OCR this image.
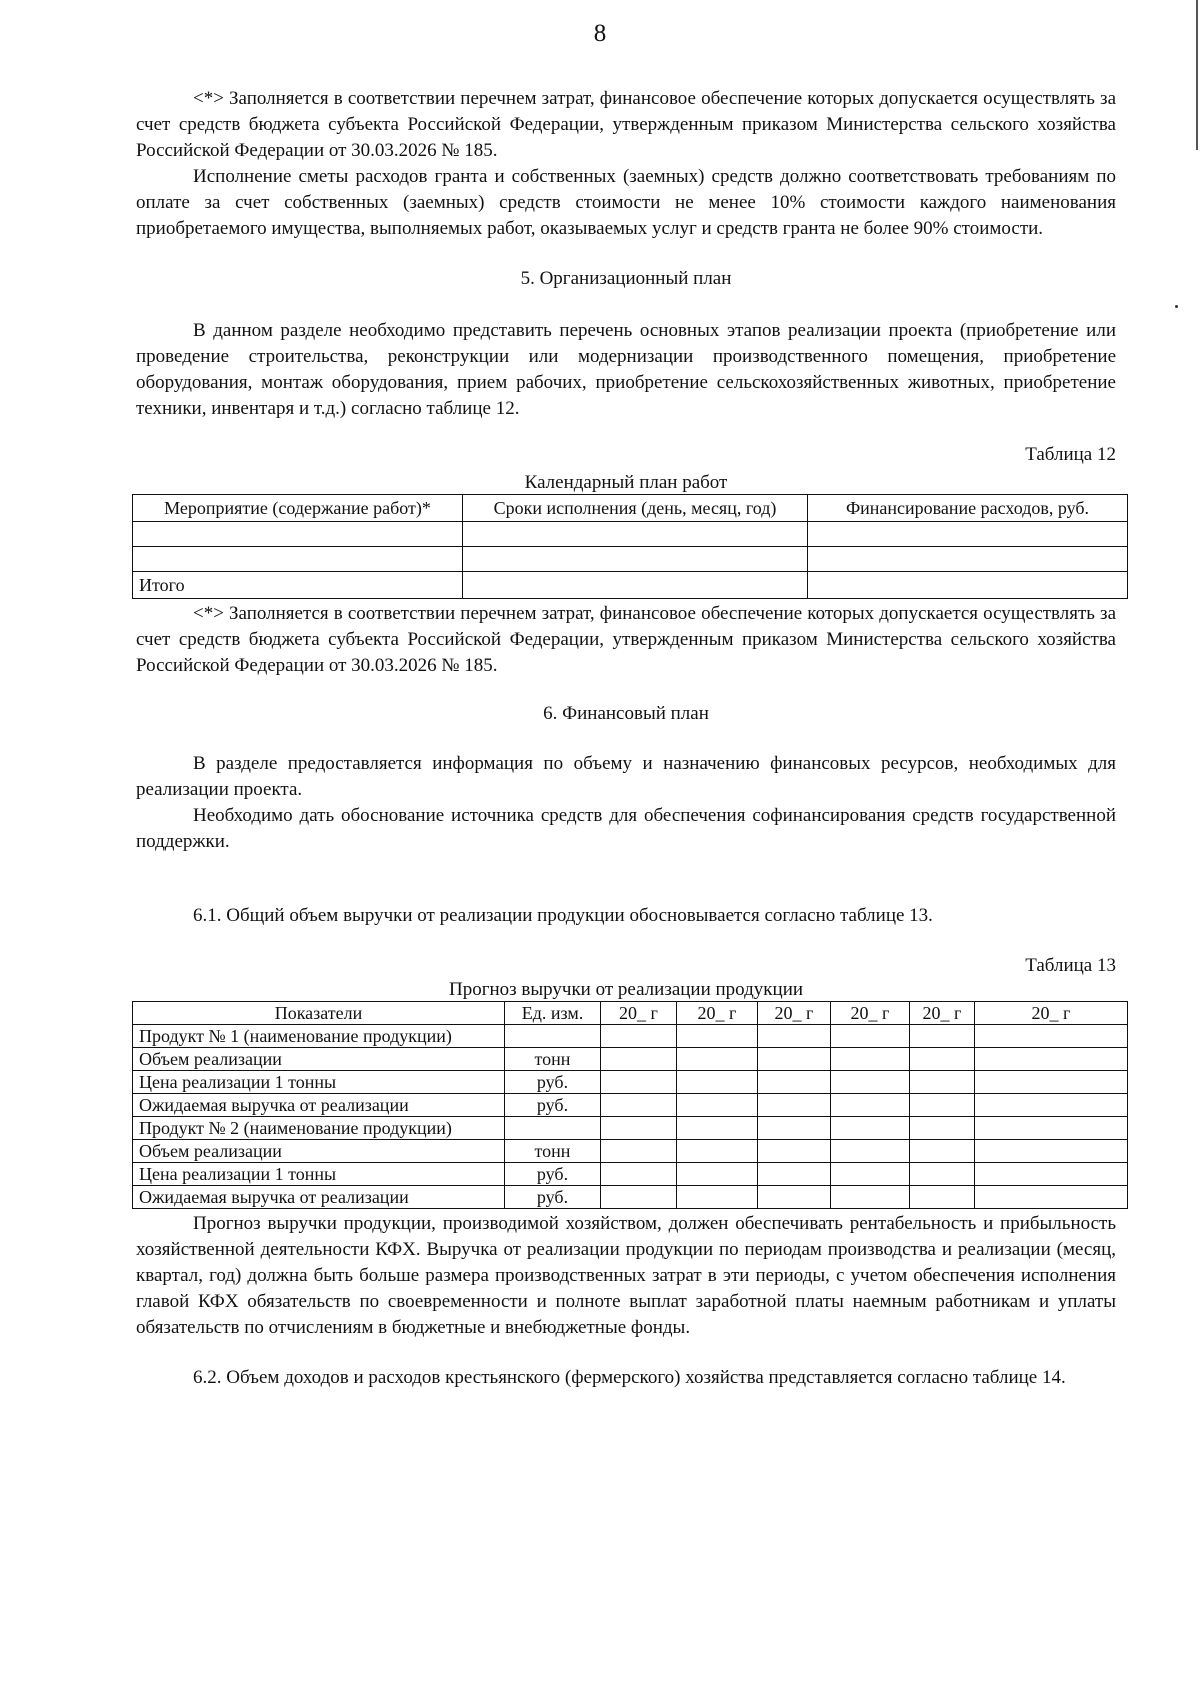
8

<*> Заполняется в соответствии перечнем затрат, финансовое обеспечение которых допускается осуществлять за счет средств бюджета субъекта Российской Федерации, утвержденным приказом Министерства сельского хозяйства Российской Федерации от 30.03.2026 № 185.

Исполнение сметы расходов гранта и собственных (заемных) средств должно соответствовать требованиям по оплате за счет собственных (заемных) средств стоимости не менее 10% стоимости каждого наименования приобретаемого имущества, выполняемых работ, оказываемых услуг и средств гранта не более 90% стоимости.

5. Организационный план

В данном разделе необходимо представить перечень основных этапов реализации проекта (приобретение или проведение строительства, реконструкции или модернизации производственного помещения, приобретение оборудования, монтаж оборудования, прием рабочих, приобретение сельскохозяйственных животных, приобретение техники, инвентаря и т.д.) согласно таблице 12.

Таблица 12

Календарный план работ

Мероприятие (содержание работ)*	Сроки исполнения (день, месяц, год)	Финансирование расходов, руб.

Итого		

<*> Заполняется в соответствии перечнем затрат, финансовое обеспечение которых допускается осуществлять за счет средств бюджета субъекта Российской Федерации, утвержденным приказом Министерства сельского хозяйства Российской Федерации от 30.03.2026 № 185.

6. Финансовый план

В разделе предоставляется информация по объему и назначению финансовых ресурсов, необходимых для реализации проекта.

Необходимо дать обоснование источника средств для обеспечения софинансирования средств государственной поддержки.

6.1. Общий объем выручки от реализации продукции обосновывается согласно таблице 13.

Таблица 13

Прогноз выручки от реализации продукции

Показатели	Ед. изм.	20_ г	20_ г	20_ г	20_ г	20_ г	20_ г
Продукт № 1 (наименование продукции)							
Объем реализации	тонн						
Цена реализации 1 тонны	руб.						
Ожидаемая выручка от реализации	руб.						
Продукт № 2 (наименование продукции)							
Объем реализации	тонн						
Цена реализации 1 тонны	руб.						
Ожидаемая выручка от реализации	руб.						

Прогноз выручки продукции, производимой хозяйством, должен обеспечивать рентабельность и прибыльность хозяйственной деятельности КФХ. Выручка от реализации продукции по периодам производства и реализации (месяц, квартал, год) должна быть больше размера производственных затрат в эти периоды, с учетом обеспечения исполнения главой КФХ обязательств по своевременности и полноте выплат заработной платы наемным работникам и уплаты обязательств по отчислениям в бюджетные и внебюджетные фонды.

6.2. Объем доходов и расходов крестьянского (фермерского) хозяйства представляется согласно таблице 14.
